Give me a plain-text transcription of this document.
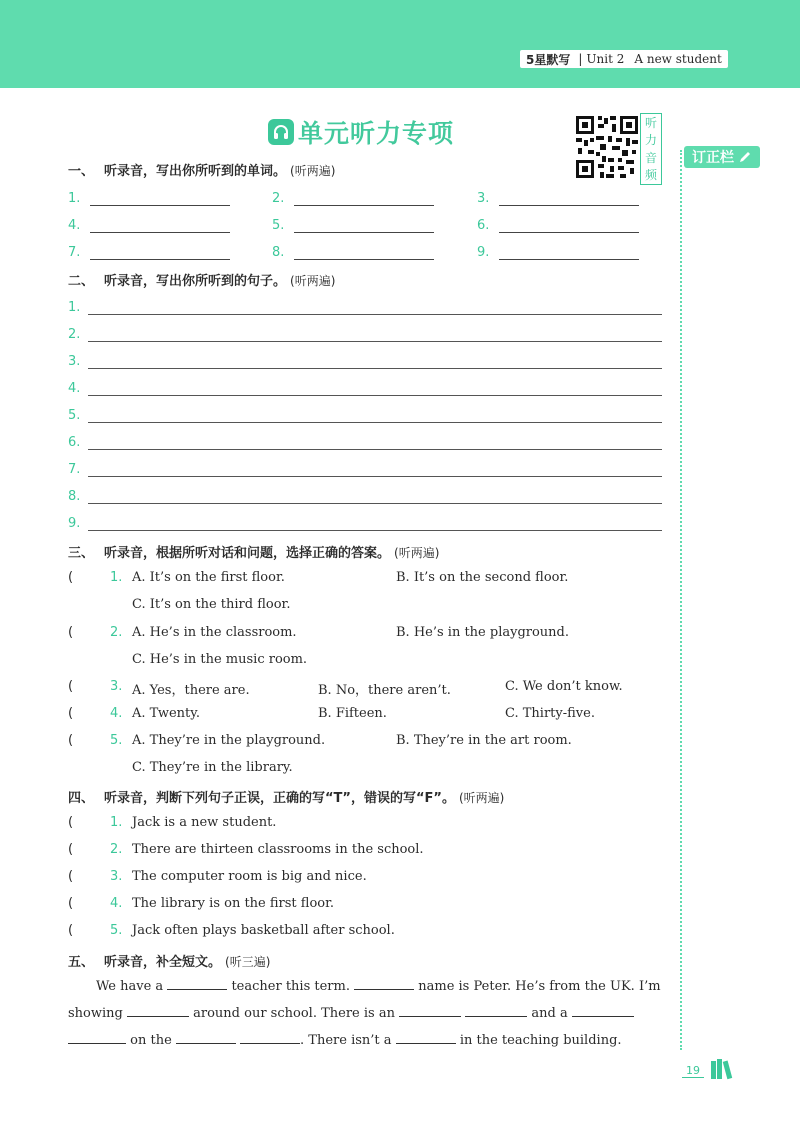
5星默写 | Unit 2 A new student
单元听力专项	听
力
音
频
订正栏
一、 听录音，写出你所听到的单词。 (听两遍)
1.	2.	3.
4.	5.	6.
7.	8.	9.
二、 听录音，写出你所听到的句子。 (听两遍)
1.
2.
3.
4.
5.
6.
7.
8.
9.
三、 听录音，根据所听对话和问题，选择正确的答案。 (听两遍)
(	1. A. It’s on the first floor.	B. It’s on the second floor.
C. It’s on the third floor.
(	2. A. He’s in the classroom.	B. He’s in the playground.
C. He’s in the music room.
(	3. A. Yes，there are.	B. No，there aren’t.	C. We don’t know.
(	4. A. Twenty.	B. Fifteen.	C. Thirty-five.
(	5. A. They’re in the playground.	B. They’re in the art room.
C. They’re in the library.
四、 听录音，判断下列句子正误，正确的写“T”，错误的写“F”。 (听两遍)
(	1. Jack is a new student.
(	2. There are thirteen classrooms in the school.
(	3. The computer room is big and nice.
(	4. The library is on the first floor.
(	5. Jack often plays basketball after school.
五、 听录音，补全短文。 (听三遍)
We have a	teacher this term.	name is Peter. He’s from the UK. I’m showing	around our school. There is an	and a   on the	. There isn’t a	in the teaching building.
19
